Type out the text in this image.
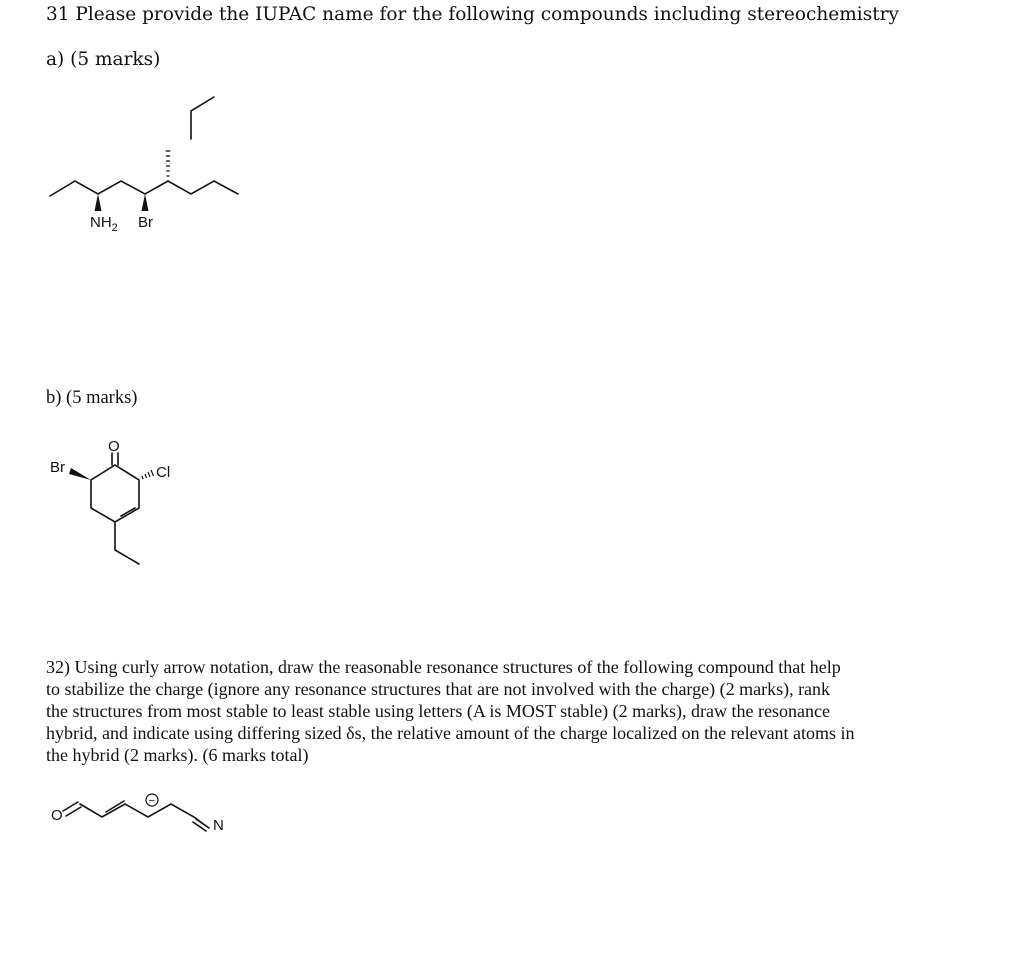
31 Please provide the IUPAC name for the following compounds including stereochemistry

a) (5 marks)

b) (5 marks)

32) Using curly arrow notation, draw the reasonable resonance structures of the following compound that help
to stabilize the charge (ignore any resonance structures that are not involved with the charge) (2 marks), rank
the structures from most stable to least stable using letters (A is MOST stable) (2 marks), draw the resonance
hybrid, and indicate using differing sized δs, the relative amount of the charge localized on the relevant atoms in
the hybrid (2 marks). (6 marks total)
$NH_2$ Br
O
Br	Cl
−
O
N
